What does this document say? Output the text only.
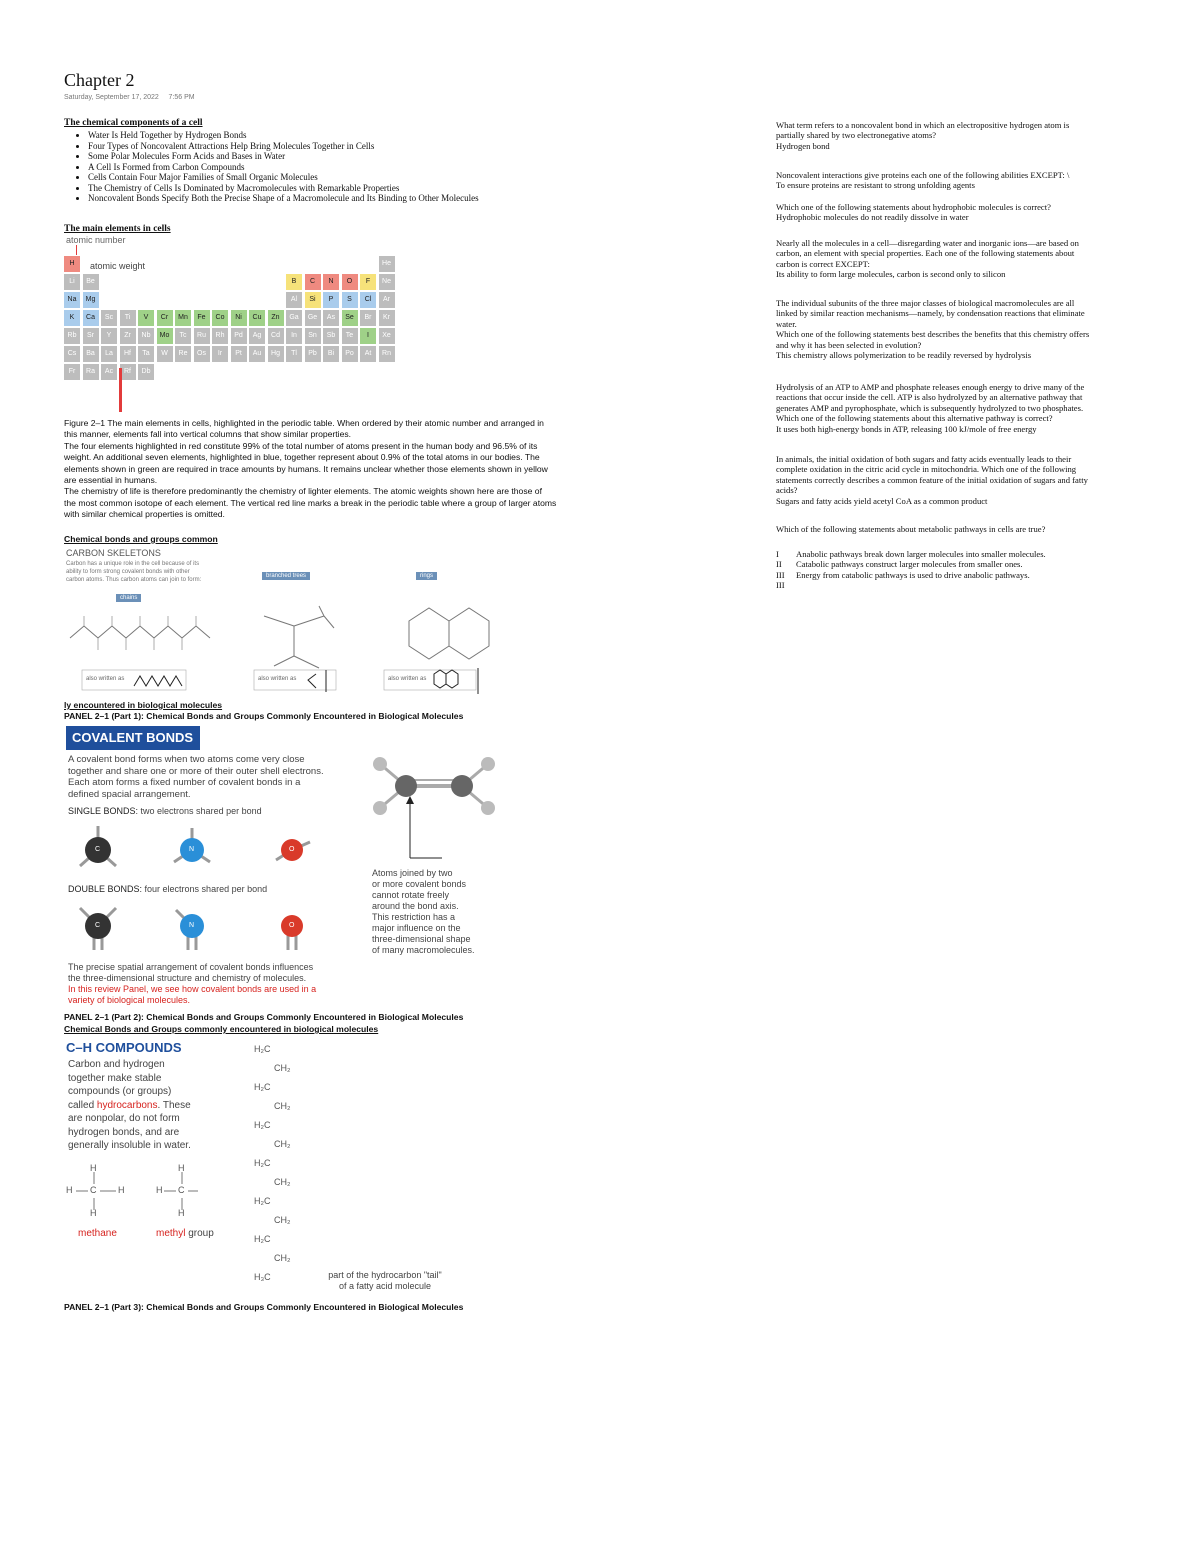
Chapter 2
Saturday, September 17, 2022     7:56 PM
The chemical components of a cell
• Water Is Held Together by Hydrogen Bonds
• Four Types of Noncovalent Attractions Help Bring Molecules Together in Cells
• Some Polar Molecules Form Acids and Bases in Water
• A Cell Is Formed from Carbon Compounds
• Cells Contain Four Major Families of Small Organic Molecules
• The Chemistry of Cells Is Dominated by Macromolecules with Remarkable Properties
• Noncovalent Bonds Specify Both the Precise Shape of a Macromolecule and Its Binding to Other Molecules
The main elements in cells
atomic number
atomic weight
H	He
Li	Be	B	C	N	O	F	Ne
Na	Mg	Al	Si	P	S	Cl	Ar
K	Ca	Sc	Ti	V	Cr	Mn	Fe	Co	Ni	Cu	Zn	Ga	Ge	As	Se	Br	Kr
Rb	Sr	Y	Zr	Nb	Mo	Tc	Ru	Rh	Pd	Ag	Cd	In	Sn	Sb	Te	I	Xe
Cs	Ba	La	Hf	Ta	W	Re	Os	Ir	Pt	Au	Hg	Tl	Pb	Bi	Po	At	Rn
Fr	Ra	Ac	Rf	Db
Figure 2–1 The main elements in cells, highlighted in the periodic table. When ordered by their atomic number and arranged in
this manner, elements fall into vertical columns that show similar properties.
The four elements highlighted in red constitute 99% of the total number of atoms present in the human body and 96.5% of its
weight. An additional seven elements, highlighted in blue, together represent about 0.9% of the total atoms in our bodies. The
elements shown in green are required in trace amounts by humans. It remains unclear whether those elements shown in yellow
are essential in humans.
The chemistry of life is therefore predominantly the chemistry of lighter elements. The atomic weights shown here are those of
the most common isotope of each element. The vertical red line marks a break in the periodic table where a group of larger atoms
with similar chemical properties is omitted.
Chemical bonds and groups common
CARBON SKELETONS
Carbon has a unique role in the cell because of its
ability to form strong covalent bonds with other
carbon atoms. Thus carbon atoms can join to form:
chains
branched trees	rings
also written as	also written as	also written as
ly encountered in biological molecules
PANEL 2–1 (Part 1): Chemical Bonds and Groups Commonly Encountered in Biological Molecules
COVALENT BONDS
A covalent bond forms when two atoms come very close
together and share one or more of their outer shell electrons.
Each atom forms a fixed number of covalent bonds in a
defined spacial arrangement.
SINGLE BONDS: two electrons shared per bond
C	N	O
DOUBLE BONDS: four electrons shared per bond
C	N	O
Atoms joined by two
or more covalent bonds
cannot rotate freely
around the bond axis.
This restriction has a
major influence on the
three-dimensional shape
of many macromolecules.
The precise spatial arrangement of covalent bonds influences
the three-dimensional structure and chemistry of molecules.
In this review Panel, we see how covalent bonds are used in a
variety of biological molecules.
PANEL 2–1 (Part 2): Chemical Bonds and Groups Commonly Encountered in Biological Molecules
Chemical Bonds and Groups commonly encountered in biological molecules
C–H COMPOUNDS
Carbon and hydrogen
together make stable
compounds (or groups)
called hydrocarbons. These
are nonpolar, do not form
hydrogen bonds, and are
generally insoluble in water.
C	C
H
H
H	H
H
H
H
methane	methyl group
H₂C
CH₂
H₂C
CH₂
H₂C
CH₂
H₂C
CH₂
H₂C
CH₂
H₂C
CH₂
H₃C	part of the hydrocarbon "tail"
of a fatty acid molecule
PANEL 2–1 (Part 3): Chemical Bonds and Groups Commonly Encountered in Biological Molecules
What term refers to a noncovalent bond in which an electropositive hydrogen atom is
partially shared by two electronegative atoms?
Hydrogen bond
Noncovalent interactions give proteins each one of the following abilities EXCEPT: \
To ensure proteins are resistant to strong unfolding agents
Which one of the following statements about hydrophobic molecules is correct?
Hydrophobic molecules do not readily dissolve in water
Nearly all the molecules in a cell—disregarding water and inorganic ions—are based on
carbon, an element with special properties. Each one of the following statements about
carbon is correct EXCEPT:
Its ability to form large molecules, carbon is second only to silicon
The individual subunits of the three major classes of biological macromolecules are all
linked by similar reaction mechanisms—namely, by condensation reactions that eliminate
water.
Which one of the following statements best describes the benefits that this chemistry offers
and why it has been selected in evolution?
This chemistry allows polymerization to be readily reversed by hydrolysis
Hydrolysis of an ATP to AMP and phosphate releases enough energy to drive many of the
reactions that occur inside the cell. ATP is also hydrolyzed by an alternative pathway that
generates AMP and pyrophosphate, which is subsequently hydrolyzed to two phosphates.
Which one of the following statements about this alternative pathway is correct?
It uses both high-energy bonds in ATP, releasing 100 kJ/mole of free energy
In animals, the initial oxidation of both sugars and fatty acids eventually leads to their
complete oxidation in the citric acid cycle in mitochondria. Which one of the following
statements correctly describes a common feature of the initial oxidation of sugars and fatty
acids?
Sugars and fatty acids yield acetyl CoA as a common product
Which of the following statements about metabolic pathways in cells are true?
I Anabolic pathways break down larger molecules into smaller molecules.
II Catabolic pathways construct larger molecules from smaller ones.
III Energy from catabolic pathways is used to drive anabolic pathways.
III
